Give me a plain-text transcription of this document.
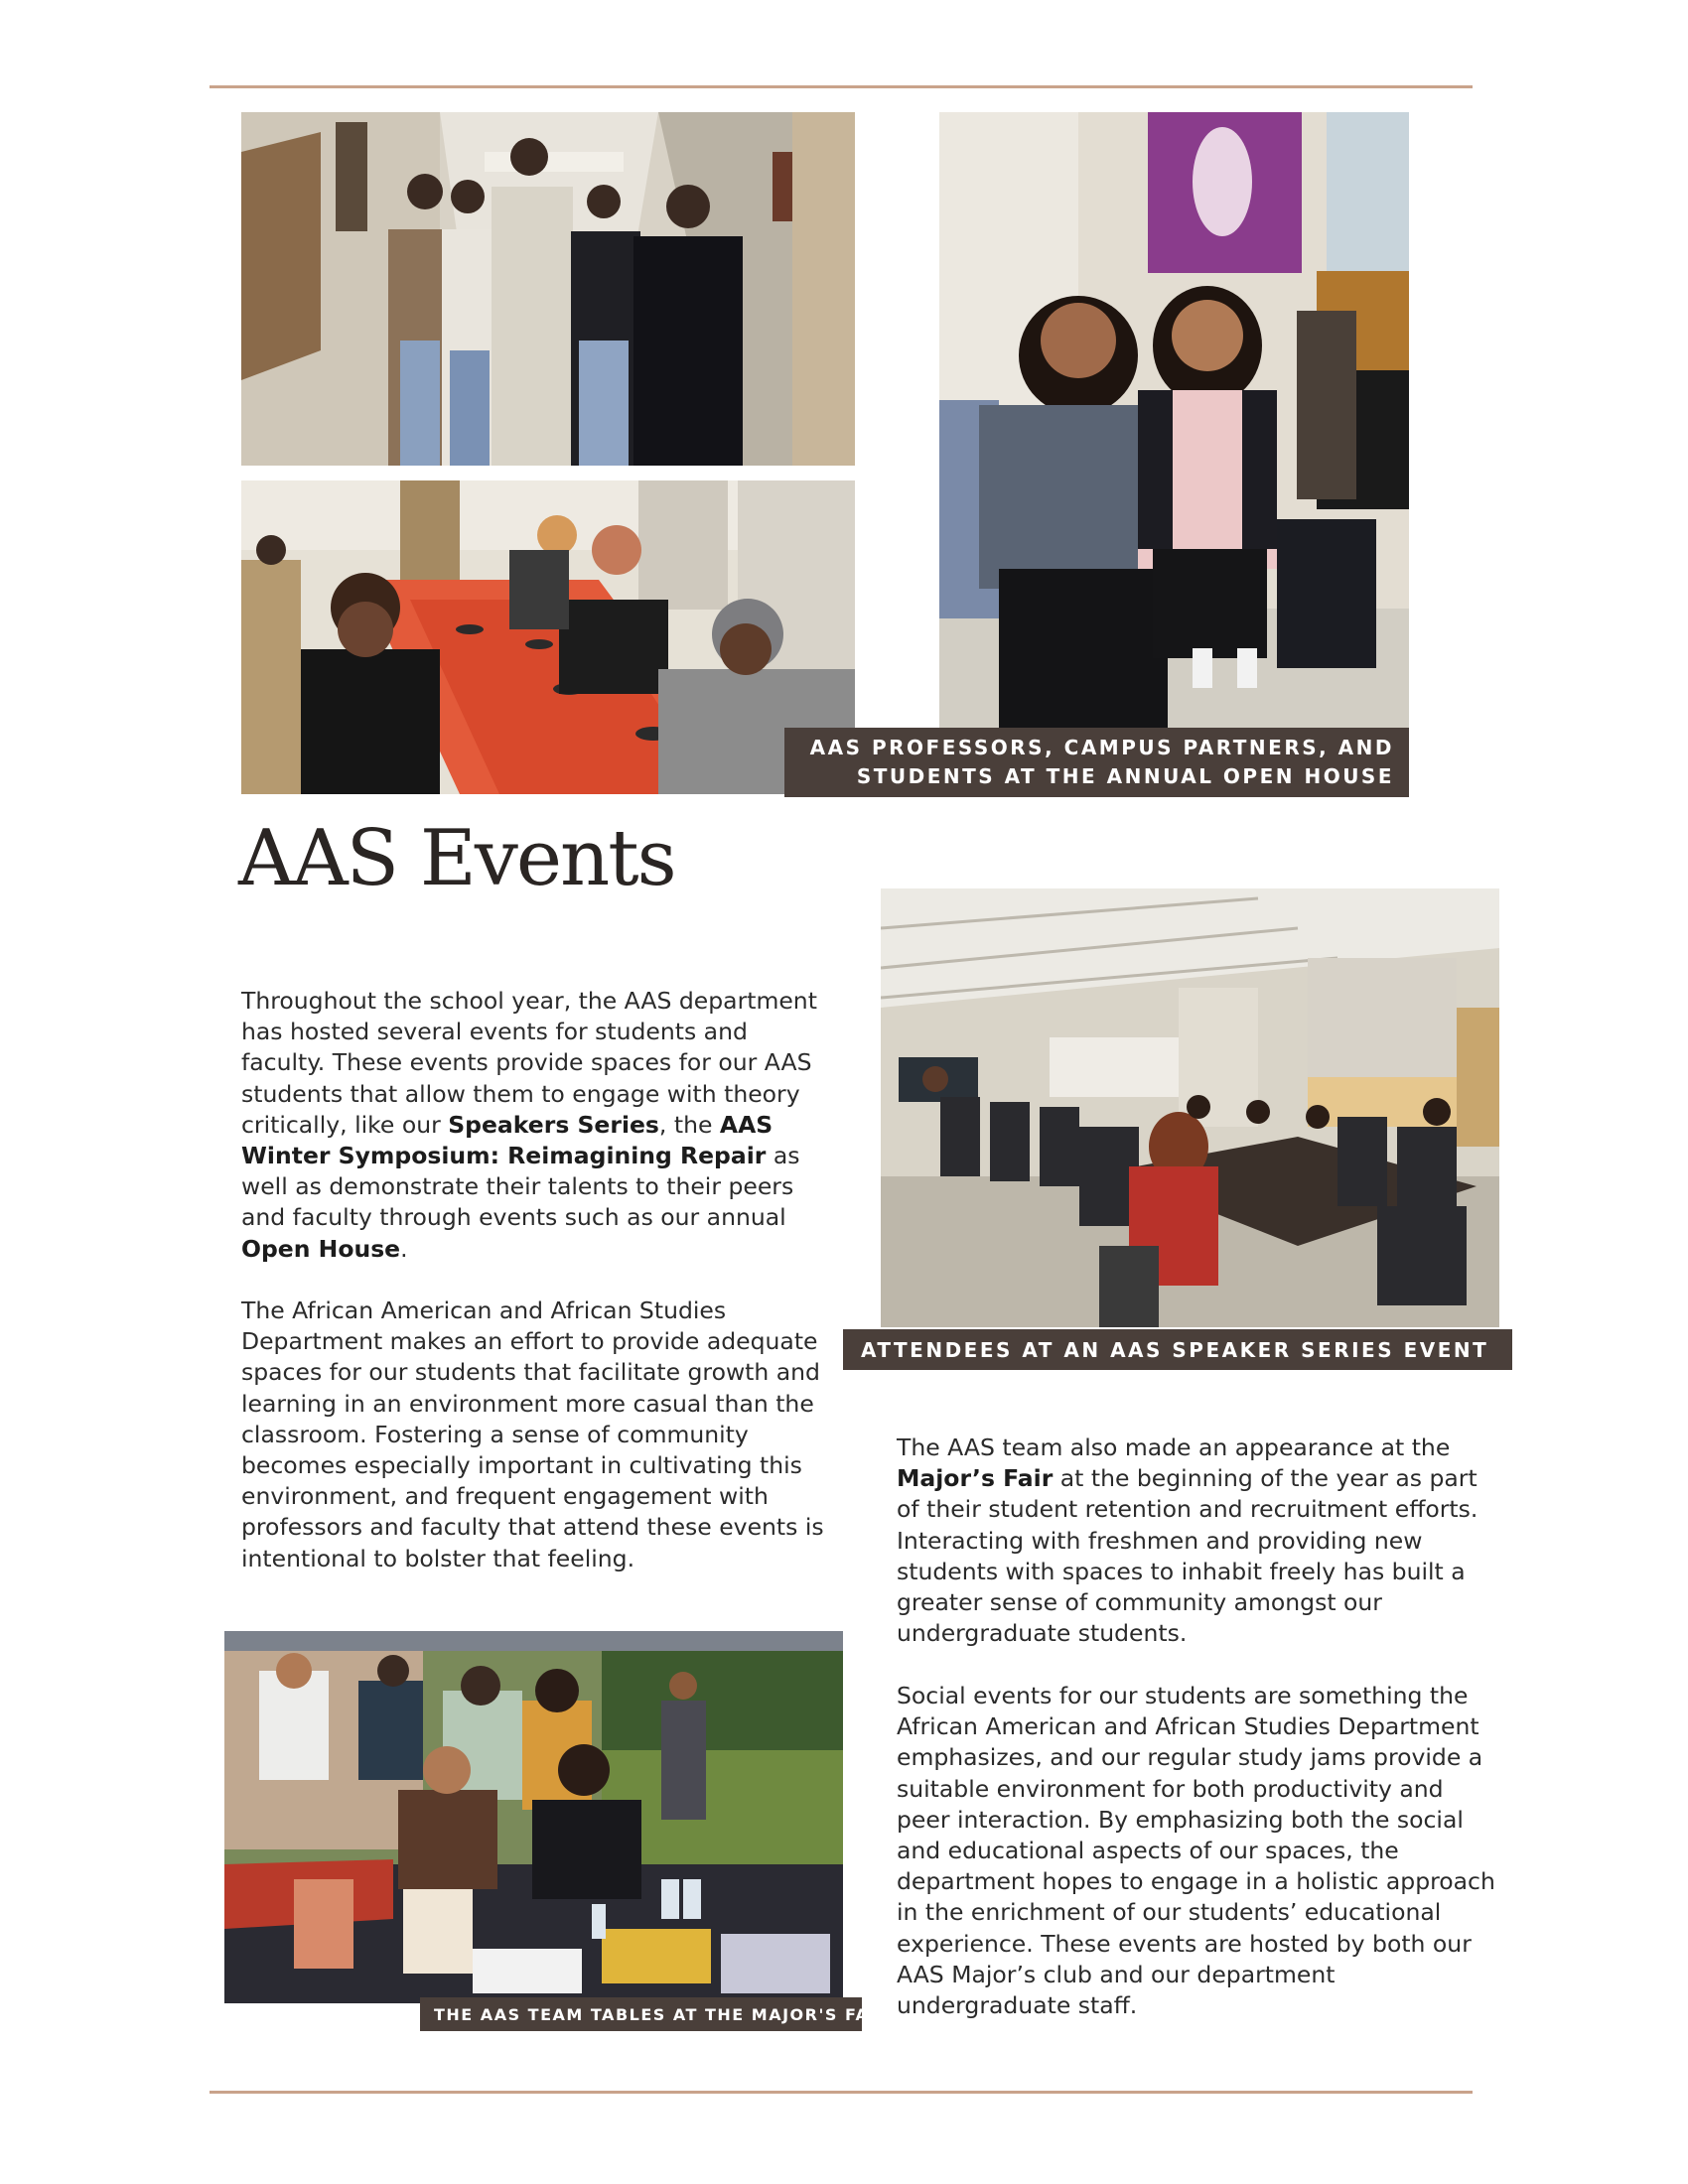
AAS PROFESSORS, CAMPUS PARTNERS, AND
STUDENTS AT THE ANNUAL OPEN HOUSE
AAS Events

Throughout the school year, the AAS department has hosted several events for students and faculty. These events provide spaces for our AAS students that allow them to engage with theory critically, like our Speakers Series, the AAS Winter Symposium: Reimagining Repair as well as demonstrate their talents to their peers and faculty through events such as our annual Open House.

The African American and African Studies Department makes an effort to provide adequate spaces for our students that facilitate growth and learning in an environment more casual than the classroom. Fostering a sense of community becomes especially important in cultivating this environment, and frequent engagement with professors and faculty that attend these events is intentional to bolster that feeling.

ATTENDEES AT AN AAS SPEAKER SERIES EVENT

The AAS team also made an appearance at the Major’s Fair at the beginning of the year as part of their student retention and recruitment efforts. Interacting with freshmen and providing new students with spaces to inhabit freely has built a greater sense of community amongst our undergraduate students.

Social events for our students are something the African American and African Studies Department emphasizes, and our regular study jams provide a suitable environment for both productivity and peer interaction. By emphasizing both the social and educational aspects of our spaces, the department hopes to engage in a holistic approach in the enrichment of our students’ educational experience. These events are hosted by both our AAS Major’s club and our department undergraduate staff.

THE AAS TEAM TABLES AT THE MAJOR'S FAIR
